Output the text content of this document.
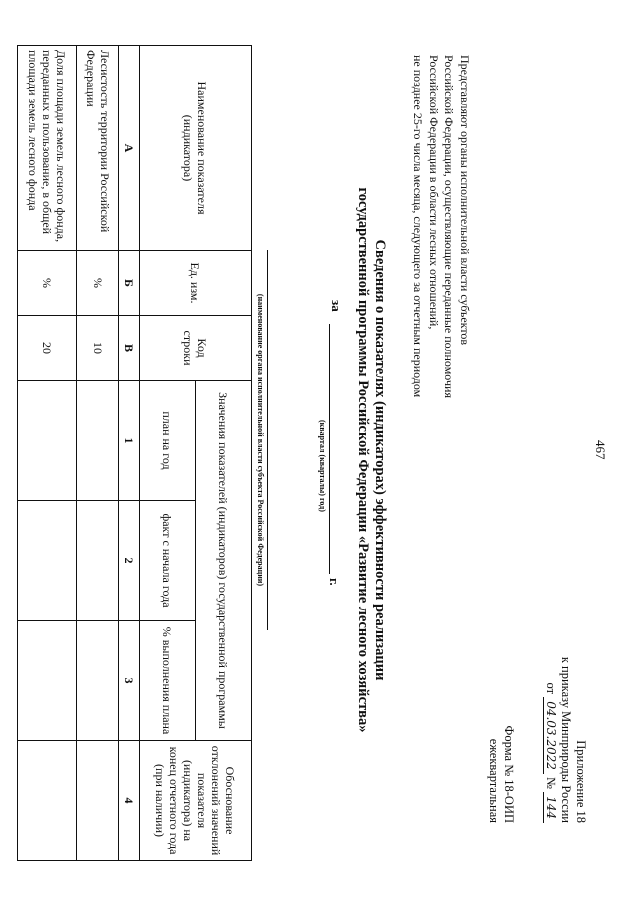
467
Приложение 18
к приказу Минприроды России
от 04.03.2022 № 144
Форма № 18-ОИП
ежеквартальная
Представляют органы исполнительной власти субъектов
Российской Федерации, осуществляющие переданные полномочия
Российской Федерации в области лесных отношений,
не позднее 25-го числа месяца, следующего за отчетным периодом
Сведения о показателях (индикаторах) эффективности реализации
государственной программы Российской Федерации «Развитие лесного хозяйства»
за
г.
(квартал (кварталы) год)
(наименование органа исполнительной власти субъекта Российской Федерации)
Наименование показателя (индикатора)	Ед. изм.	Код строки	Значения показателей (индикаторов) государственной программы			Обоснование отклонений значений показателя (индикатора) на конец отчетного года (при наличии)
			план на год	факт с начала года	% выполнения плана	
А	Б	В	1	2	3	4
Лесистость территории Российской Федерации	%	10				
Доля площади земель лесного фонда, переданных в пользование, в общей площади земель лесного фонда	%	20				
